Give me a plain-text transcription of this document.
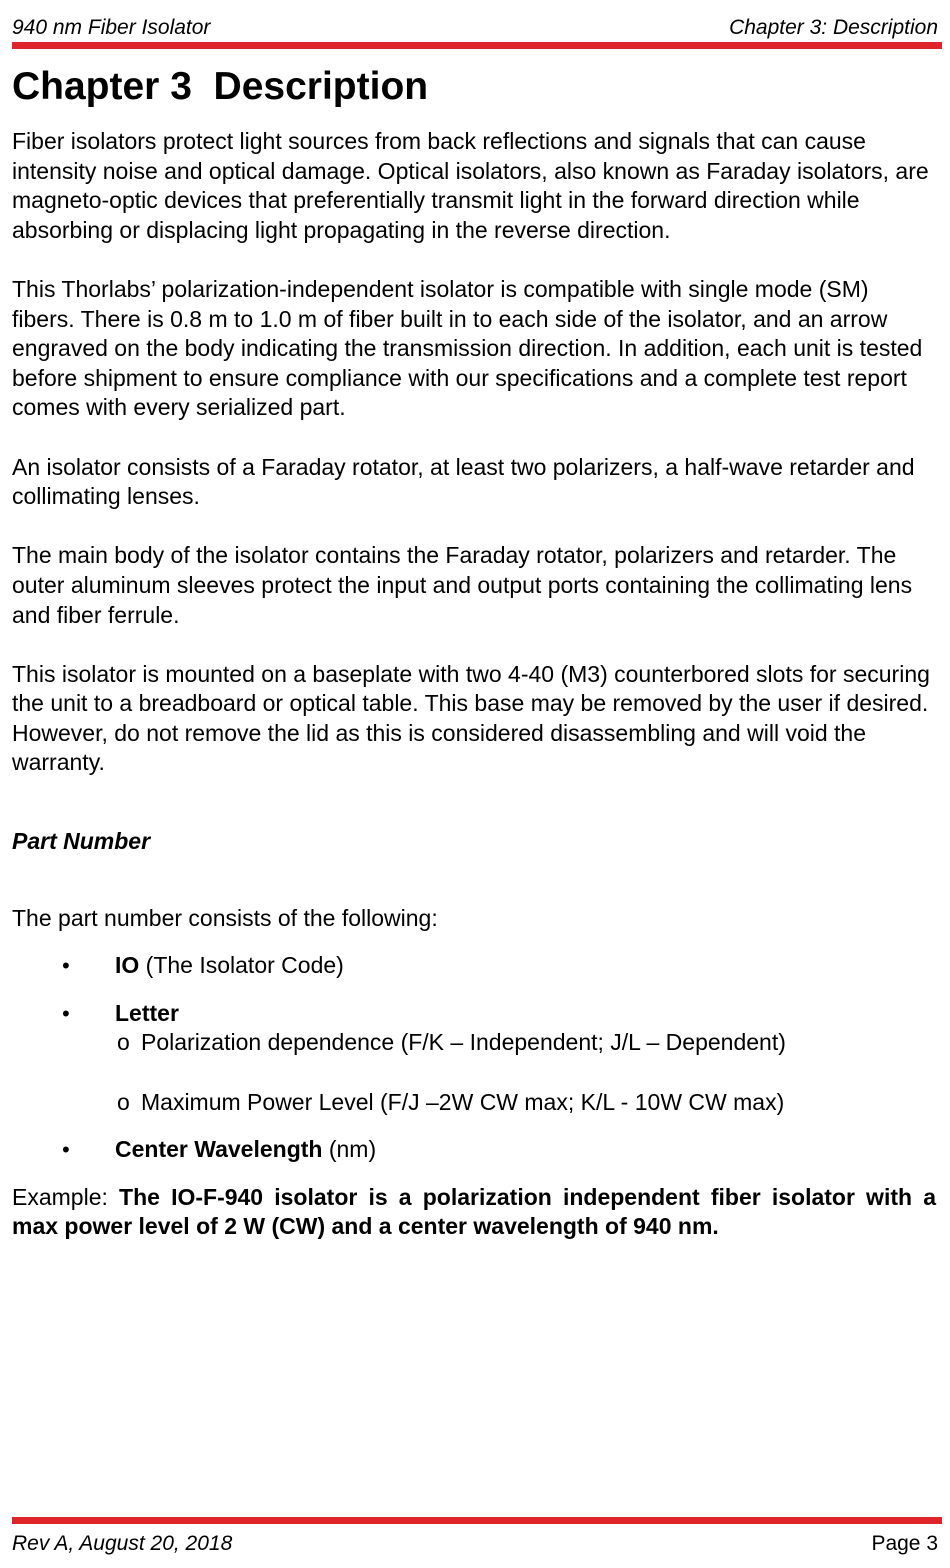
940 nm Fiber Isolator	Chapter 3: Description
Chapter 3  Description

Fiber isolators protect light sources from back reflections and signals that can cause intensity noise and optical damage. Optical isolators, also known as Faraday isolators, are magneto-optic devices that preferentially transmit light in the forward direction while absorbing or displacing light propagating in the reverse direction.

This Thorlabs’ polarization-independent isolator is compatible with single mode (SM) fibers. There is 0.8 m to 1.0 m of fiber built in to each side of the isolator, and an arrow engraved on the body indicating the transmission direction. In addition, each unit is tested before shipment to ensure compliance with our specifications and a complete test report comes with every serialized part.

An isolator consists of a Faraday rotator, at least two polarizers, a half-wave retarder and collimating lenses.

The main body of the isolator contains the Faraday rotator, polarizers and retarder. The outer aluminum sleeves protect the input and output ports containing the collimating lens and fiber ferrule.

This isolator is mounted on a baseplate with two 4-40 (M3) counterbored slots for securing the unit to a breadboard or optical table. This base may be removed by the user if desired. However, do not remove the lid as this is considered disassembling and will void the warranty.

Part Number

The part number consists of the following:

• IO (The Isolator Code)
• Letter
o Polarization dependence (F/K – Independent; J/L – Dependent)
o Maximum Power Level (F/J –2W CW max; K/L - 10W CW max)
• Center Wavelength (nm)

Example: The IO-F-940 isolator is a polarization independent fiber isolator with a max power level of 2 W (CW) and a center wavelength of 940 nm.

Rev A, August 20, 2018	Page 3
